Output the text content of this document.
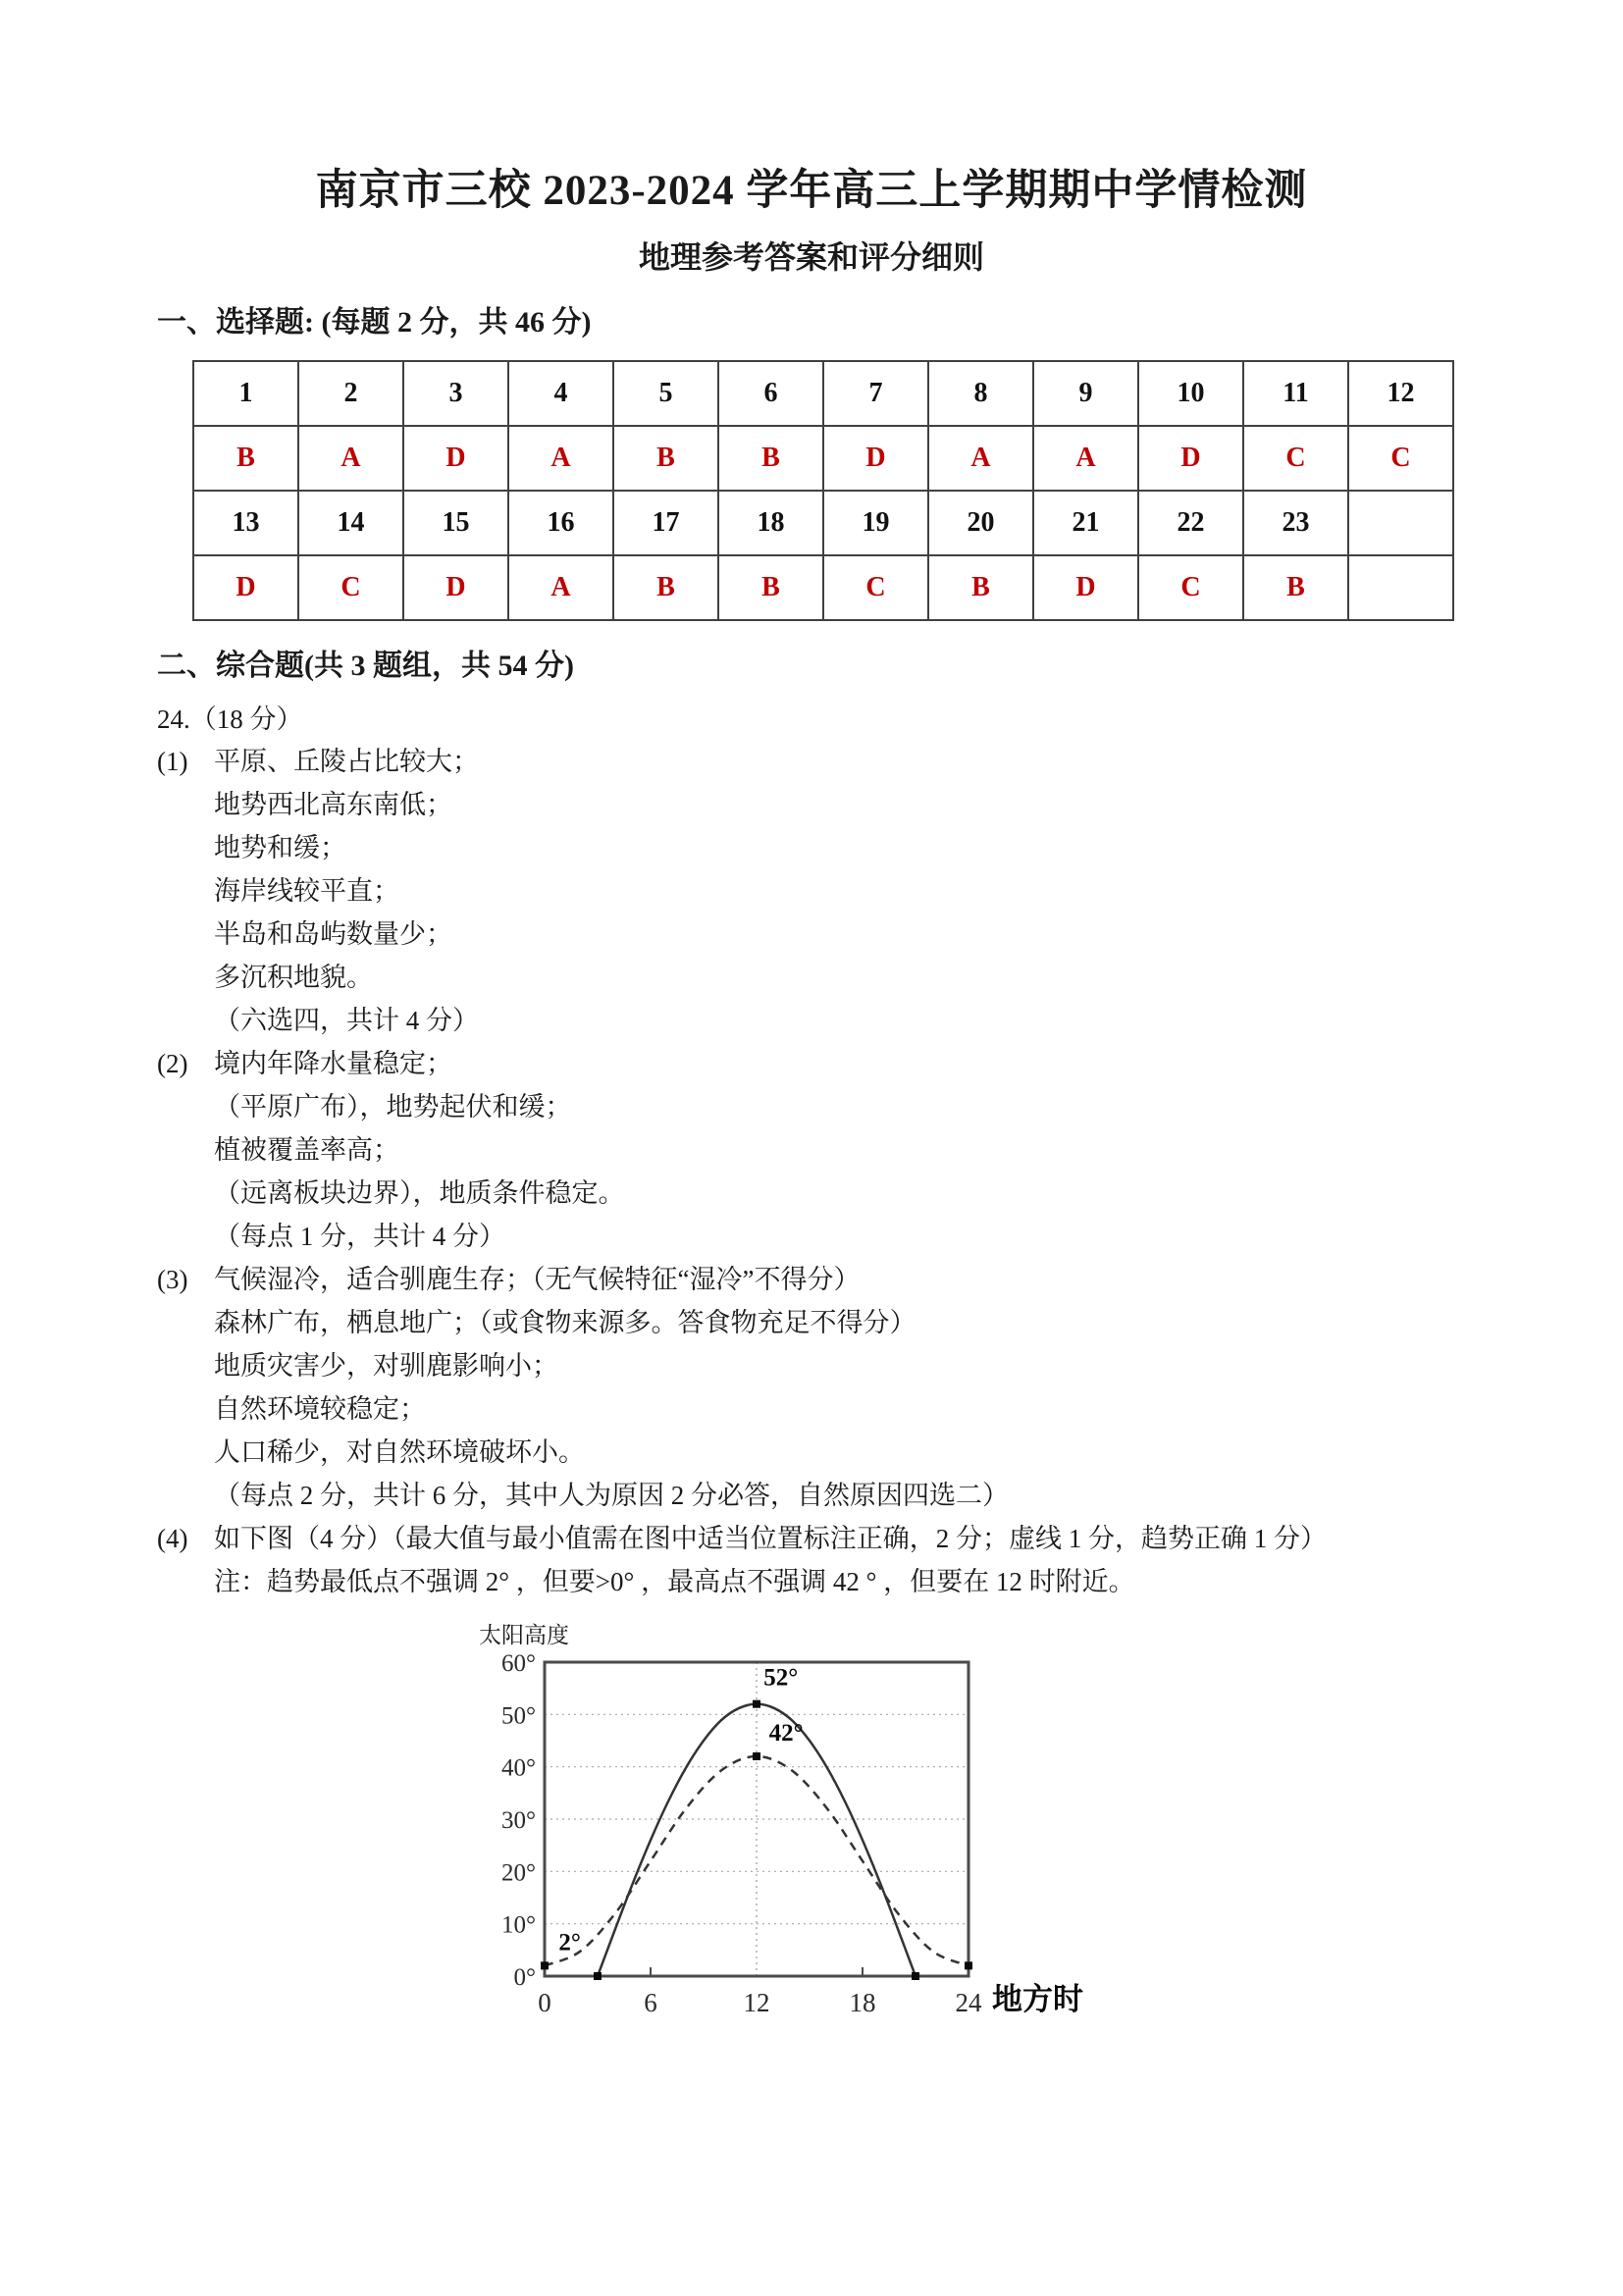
南京市三校 2023-2024 学年高三上学期期中学情检测
地理参考答案和评分细则
一、选择题: (每题 2 分，共 46 分)
1	2	3	4	5	6	7	8	9	10	11	12
B	A	D	A	B	B	D	A	A	D	C	C
13	14	15	16	17	18	19	20	21	22	23	
D	C	D	A	B	B	C	B	D	C	B	
二、综合题(共 3 题组，共 54 分)
24.（18 分）
(1) 平原、丘陵占比较大；
地势西北高东南低；
地势和缓；
海岸线较平直；
半岛和岛屿数量少；
多沉积地貌。
（六选四，共计 4 分）
(2) 境内年降水量稳定；
（平原广布），地势起伏和缓；
植被覆盖率高；
（远离板块边界），地质条件稳定。
（每点 1 分，共计 4 分）
(3) 气候湿冷，适合驯鹿生存；（无气候特征“湿冷”不得分）
森林广布，栖息地广；（或食物来源多。答食物充足不得分）
地质灾害少，对驯鹿影响小；
自然环境较稳定；
人口稀少，对自然环境破坏小。
（每点 2 分，共计 6 分，其中人为原因 2 分必答，自然原因四选二）
(4) 如下图（4 分）（最大值与最小值需在图中适当位置标注正确，2 分；虚线 1 分，趋势正确 1 分）
注：趋势最低点不强调 2° ，但要>0° ，最高点不强调 42 ° ，但要在 12 时附近。
0°
10°
20°
30°
40°
50°
60°
0	6	12	18	24
52°
42°
2°
太阳高度
地方时
